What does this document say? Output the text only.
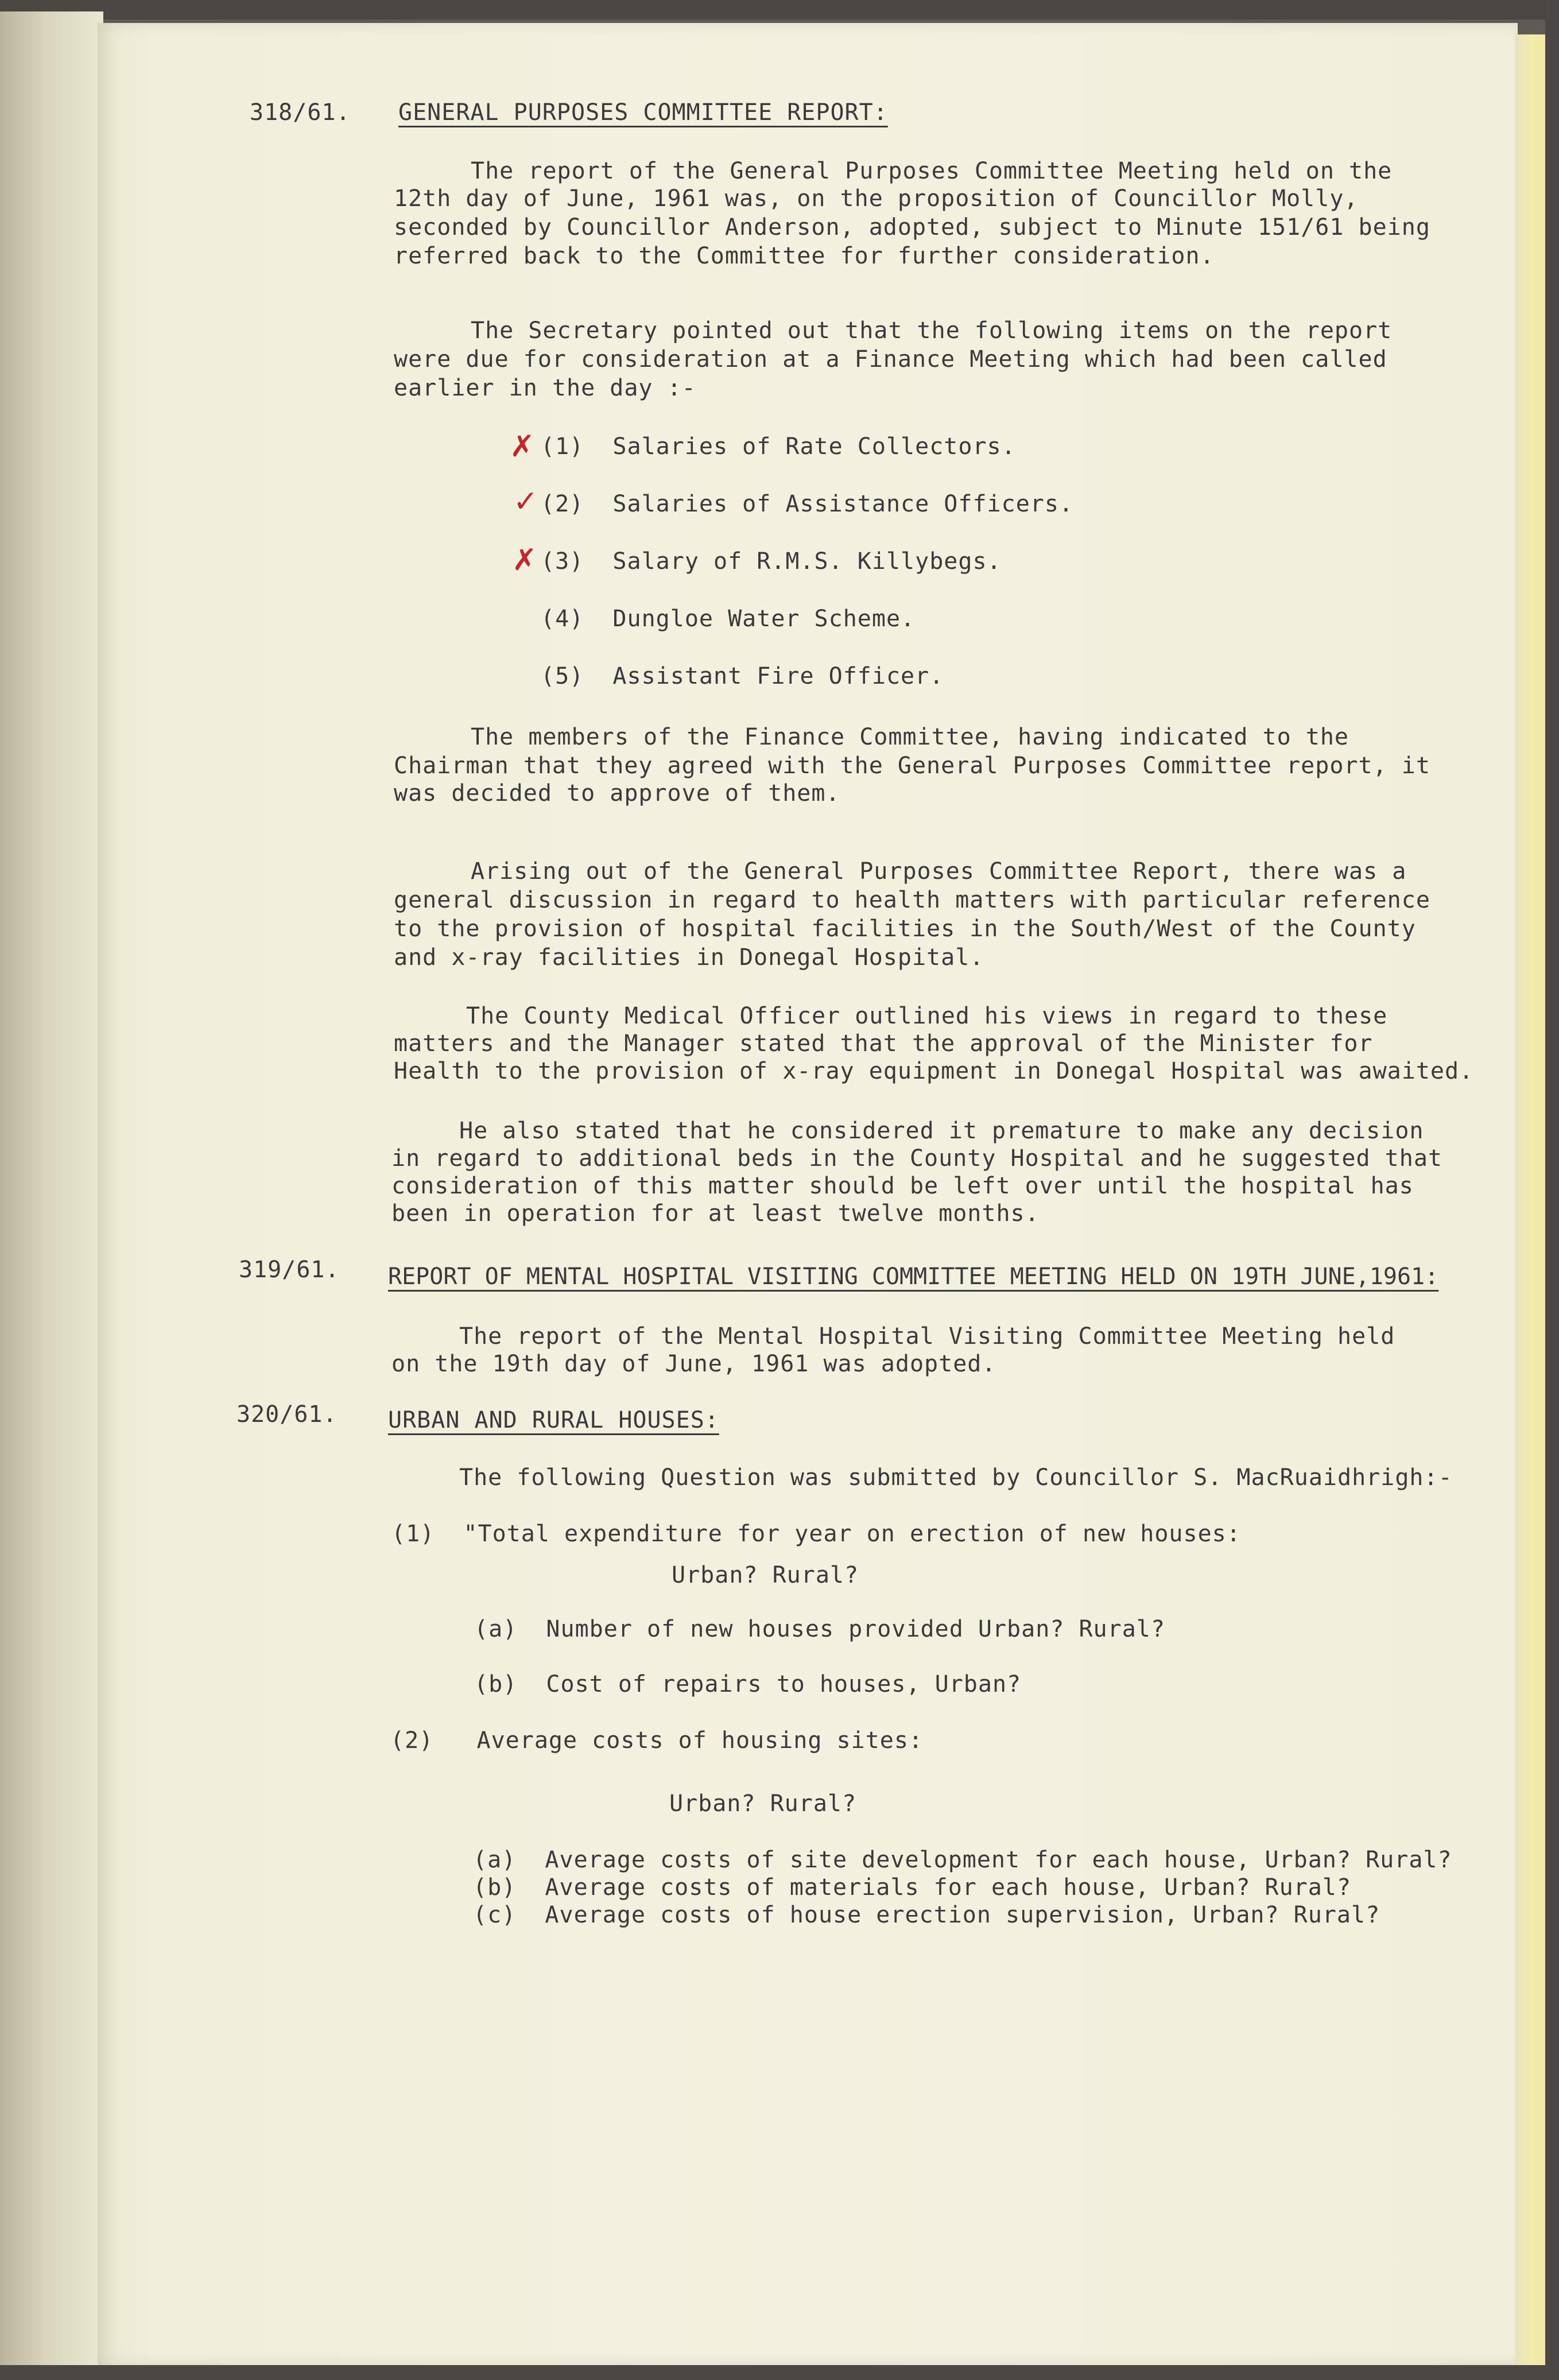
318/61. GENERAL PURPOSES COMMITTEE REPORT:
The report of the General Purposes Committee Meeting held on the
12th day of June, 1961 was, on the proposition of Councillor Molly,
seconded by Councillor Anderson, adopted, subject to Minute 151/61 being
referred back to the Committee for further consideration.
The Secretary pointed out that the following items on the report
were due for consideration at a Finance Meeting which had been called
earlier in the day :-
✗ (1)  Salaries of Rate Collectors.
✓ (2)  Salaries of Assistance Officers.
✗ (3)  Salary of R.M.S. Killybegs.
(4)  Dungloe Water Scheme.
(5)  Assistant Fire Officer.
The members of the Finance Committee, having indicated to the
Chairman that they agreed with the General Purposes Committee report, it
was decided to approve of them.
Arising out of the General Purposes Committee Report, there was a
general discussion in regard to health matters with particular reference
to the provision of hospital facilities in the South/West of the County
and x-ray facilities in Donegal Hospital.
The County Medical Officer outlined his views in regard to these
matters and the Manager stated that the approval of the Minister for
Health to the provision of x-ray equipment in Donegal Hospital was awaited.
He also stated that he considered it premature to make any decision
in regard to additional beds in the County Hospital and he suggested that
consideration of this matter should be left over until the hospital has
been in operation for at least twelve months.
319/61. REPORT OF MENTAL HOSPITAL VISITING COMMITTEE MEETING HELD ON 19TH JUNE,1961:
The report of the Mental Hospital Visiting Committee Meeting held
on the 19th day of June, 1961 was adopted.
320/61. URBAN AND RURAL HOUSES:
The following Question was submitted by Councillor S. MacRuaidhrigh:-
(1)  "Total expenditure for year on erection of new houses:
Urban? Rural?
(a)  Number of new houses provided Urban? Rural?
(b)  Cost of repairs to houses, Urban?
(2)   Average costs of housing sites:
Urban? Rural?
(a)  Average costs of site development for each house, Urban? Rural?
(b)  Average costs of materials for each house, Urban? Rural?
(c)  Average costs of house erection supervision, Urban? Rural?
